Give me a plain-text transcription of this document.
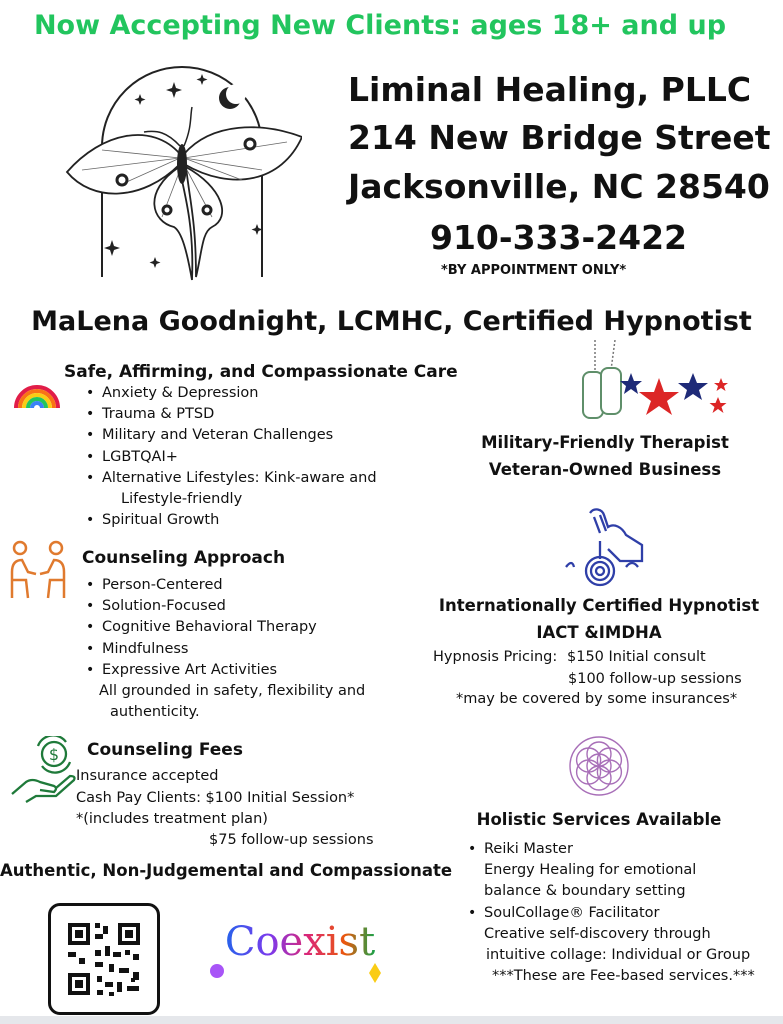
Now Accepting New Clients: ages 18+ and up
Liminal Healing, PLLC
214 New Bridge Street
Jacksonville, NC 28540
910-333-2422
*BY APPOINTMENT ONLY*
MaLena Goodnight, LCMHC, Certified Hypnotist
Safe, Affirming, and Compassionate Care
• Anxiety & Depression
• Trauma & PTSD
• Military and Veteran Challenges
• LGBTQAI+
• Alternative Lifestyles: Kink-aware and
Lifestyle-friendly
• Spiritual Growth
Counseling Approach
• Person-Centered
• Solution-Focused
• Cognitive Behavioral Therapy
• Mindfulness
• Expressive Art Activities
All grounded in safety, flexibility and
authenticity.
$ Counseling Fees
Insurance accepted
Cash Pay Clients: $100 Initial Session*
*(includes treatment plan)
$75 follow-up sessions
Authentic, Non-Judgemental and Compassionate
Coexist
Military-Friendly Therapist
Veteran-Owned Business
Internationally Certified Hypnotist
IACT &IMDHA
Hypnosis Pricing: $150 Initial consult
$100 follow-up sessions
*may be covered by some insurances*
Holistic Services Available
• Reiki Master
Energy Healing for emotional
balance & boundary setting
• SoulCollage® Facilitator
Creative self-discovery through
intuitive collage: Individual or Group
***These are Fee-based services.***
